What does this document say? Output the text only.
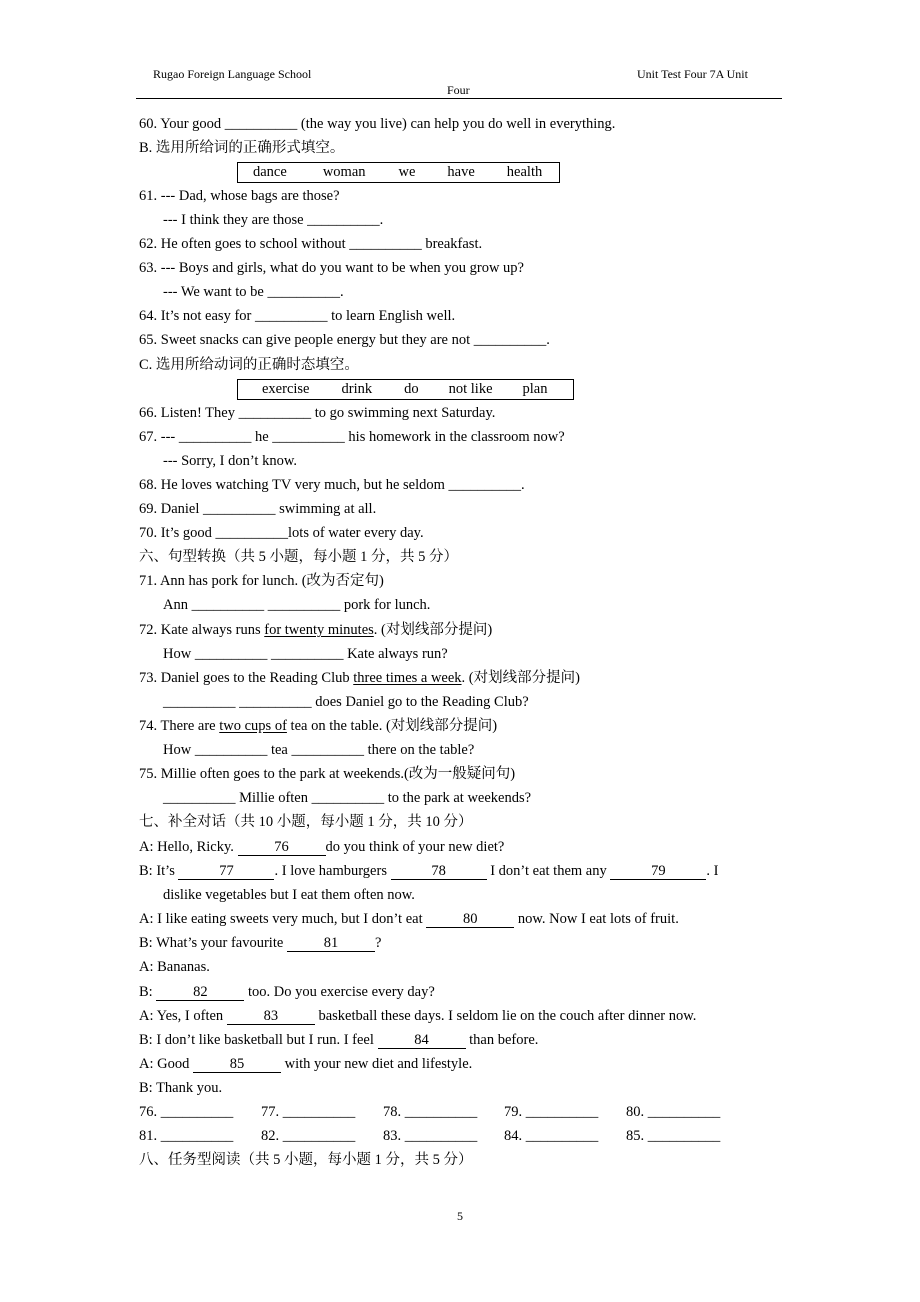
Rugao Foreign Language School	Unit Test Four 7A Unit
Four
60. Your good __________ (the way you live) can help you do well in everything.
B. 选用所给词的正确形式填空。
dance woman we have health
61. --- Dad, whose bags are those?
--- I think they are those __________.
62. He often goes to school without __________ breakfast.
63. --- Boys and girls, what do you want to be when you grow up?
--- We want to be __________.
64. It’s not easy for __________ to learn English well.
65. Sweet snacks can give people energy but they are not __________.
C. 选用所给动词的正确时态填空。
exercise drink do not like plan
66. Listen! They __________ to go swimming next Saturday.
67. --- __________ he __________ his homework in the classroom now?
--- Sorry, I don’t know.
68. He loves watching TV very much, but he seldom __________.
69. Daniel __________ swimming at all.
70. It’s good __________lots of water every day.
六、句型转换（共 5 小题，每小题 1 分，共 5 分）
71. Ann has pork for lunch. (改为否定句)
Ann __________ __________ pork for lunch.
72. Kate always runs for twenty minutes. (对划线部分提问)
How __________ __________ Kate always run?
73. Daniel goes to the Reading Club three times a week. (对划线部分提问)
__________ __________ does Daniel go to the Reading Club?
74. There are two cups of tea on the table. (对划线部分提问)
How __________ tea __________ there on the table?
75. Millie often goes to the park at weekends.(改为一般疑问句)
__________ Millie often __________ to the park at weekends?
七、补全对话（共 10 小题，每小题 1 分，共 10 分）
A: Hello, Ricky.	76	do you think of your new diet?
B: It’s	77	. I love hamburgers	78	I don’t eat them any	79	. I
dislike vegetables but I eat them often now.
A: I like eating sweets very much, but I don’t eat	80	now. Now I eat lots of fruit.
B: What’s your favourite	81	?
A: Bananas.
B:	82	too. Do you exercise every day?
A: Yes, I often	83	basketball these days. I seldom lie on the couch after dinner now.
B: I don’t like basketball but I run. I feel	84	than before.
A: Good	85	with your new diet and lifestyle.
B: Thank you.
76. __________ 77. __________ 78. __________ 79. __________ 80. __________
81. __________ 82. __________ 83. __________ 84. __________ 85. __________
八、任务型阅读（共 5 小题，每小题 1 分，共 5 分）
5
